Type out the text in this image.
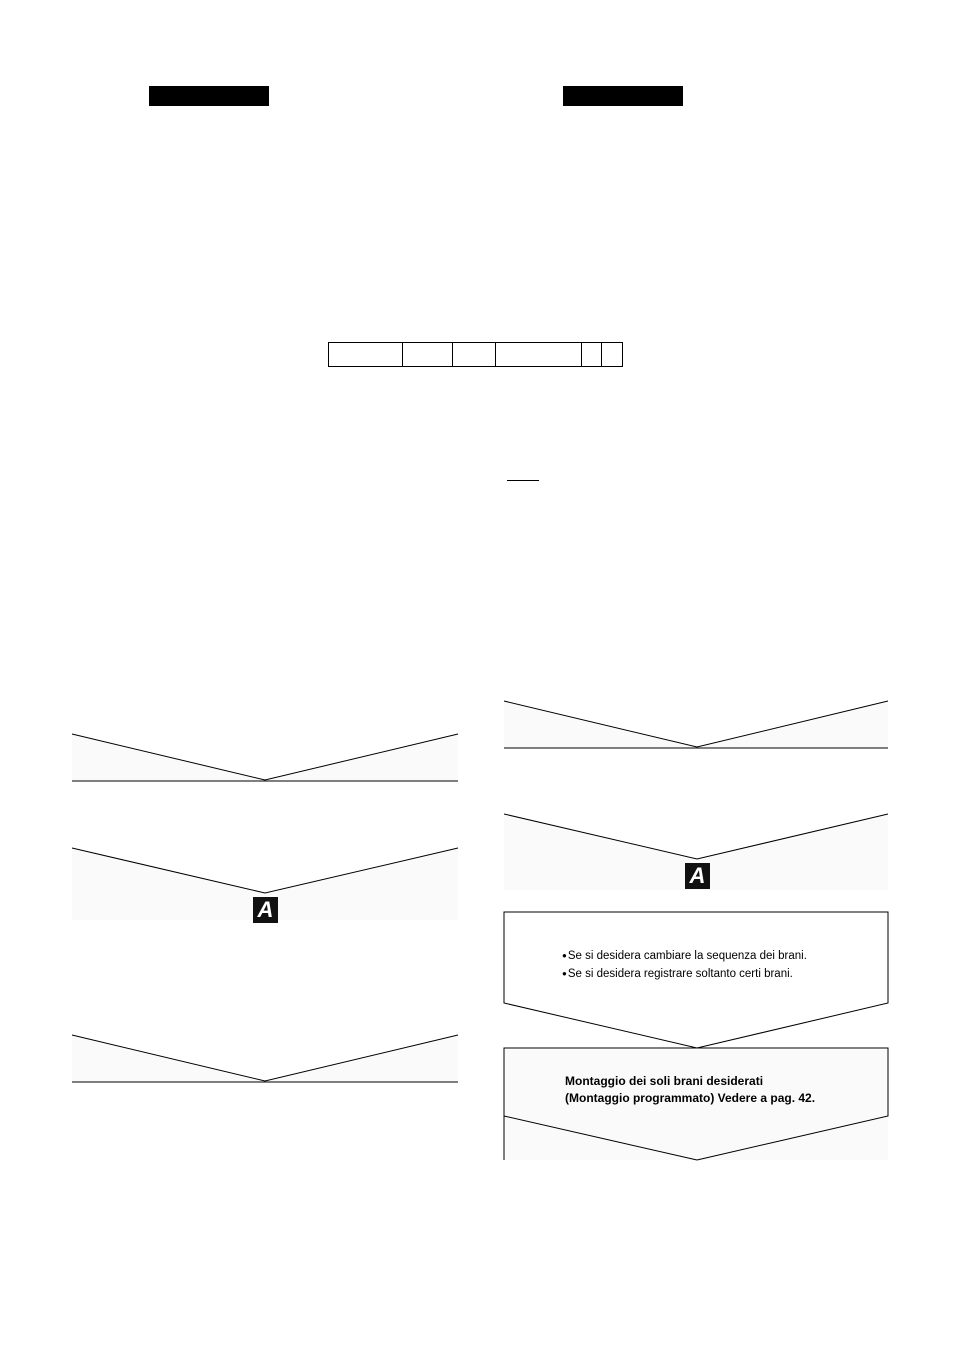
A
A
● Se si desidera cambiare la sequenza dei brani.
● Se si desidera registrare soltanto certi brani.
Montaggio dei soli brani desiderati
(Montaggio programmato) Vedere a pag. 42.
